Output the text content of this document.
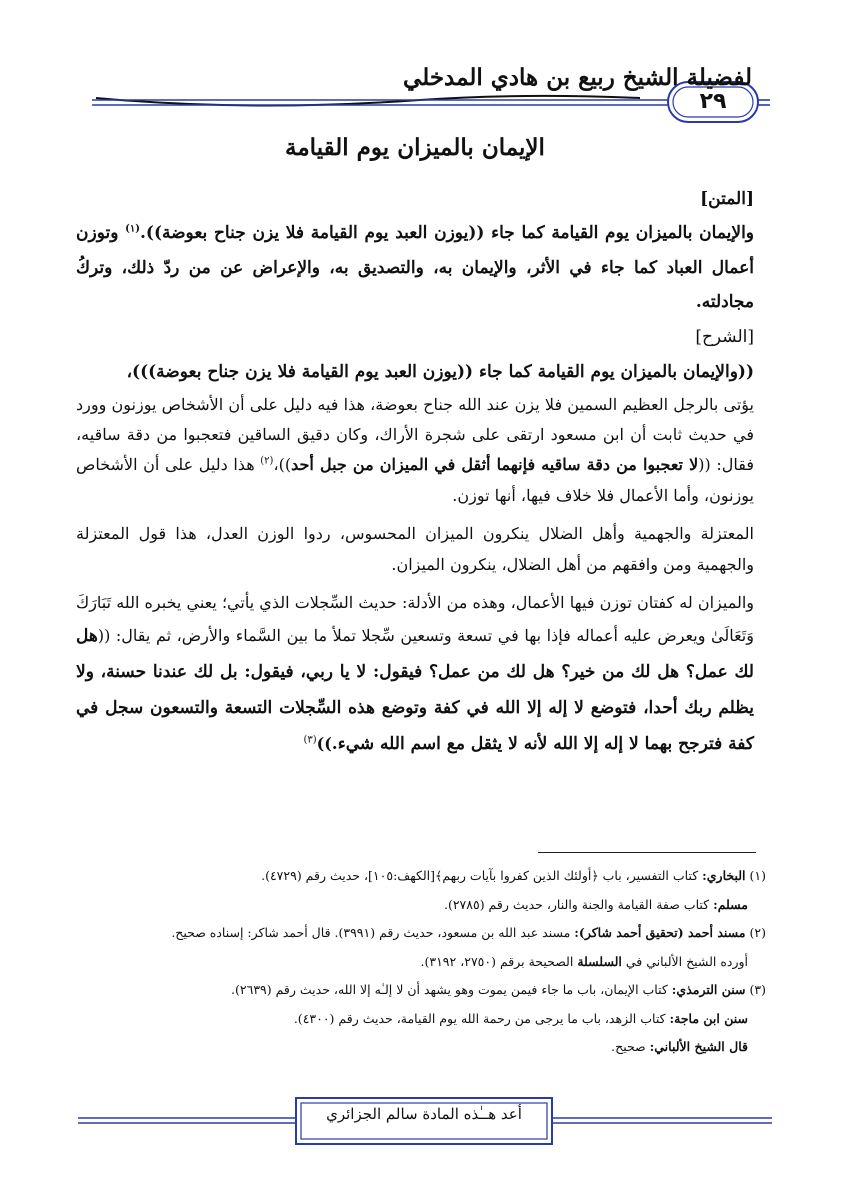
لفضيلة الشيخ ربيع بن هادي المدخلي
٢٩
الإيمان بالميزان يوم القيامة

[المتن]

والإيمان بالميزان يوم القيامة كما جاء ((يوزن العبد يوم القيامة فلا يزن جناح بعوضة)).$^{(١)}$ وتوزن أعمال العباد كما جاء في الأثر، والإيمان به، والتصديق به، والإعراض عن من ردّ ذلك، وتركُ مجادلته.

[الشرح]

((والإيمان بالميزان يوم القيامة كما جاء ((يوزن العبد يوم القيامة فلا يزن جناح بعوضة)))،

يؤتى بالرجل العظيم السمين فلا يزن عند الله جناح بعوضة، هذا فيه دليل على أن الأشخاص يوزنون وورد في حديث ثابت أن ابن مسعود ارتقى على شجرة الأراك، وكان دقيق الساقين فتعجبوا من دقة ساقيه، فقال: ((لا تعجبوا من دقة ساقيه فإنهما أثقل في الميزان من جبل أحد))،$^{(٢)}$ هذا دليل على أن الأشخاص يوزنون، وأما الأعمال فلا خلاف فيها، أنها توزن.

المعتزلة والجهمية وأهل الضلال ينكرون الميزان المحسوس، ردوا الوزن العدل، هذا قول المعتزلة والجهمية ومن وافقهم من أهل الضلال، ينكرون الميزان.

والميزان له كفتان توزن فيها الأعمال، وهذه من الأدلة: حديث السِّجلات الذي يأتي؛ يعني يخبره الله تَبَارَكَ وَتَعَالَىٰ ويعرض عليه أعماله فإذا بها في تسعة وتسعين سِّجلا تملأ ما بين السَّماء والأرض، ثم يقال: ((هل لك عمل؟ هل لك من خير؟ هل لك من عمل؟ فيقول: لا يا ربي، فيقول: بل لك عندنا حسنة، ولا يظلم ربك أحدا، فتوضع لا إله إلا الله في كفة وتوضع هذه السِّجلات التسعة والتسعون سجل في كفة فترجح بهما لا إله إلا الله لأنه لا يثقل مع اسم الله شيء.))$^{(٣)}$

(١) البخاري: كتاب التفسير، باب ﴿أولئك الذين كفروا بآيات ربهم﴾[الكهف:١٠٥]، حديث رقم (٤٧٢٩).

مسلم: كتاب صفة القيامة والجنة والنار، حديث رقم (٢٧٨٥).

(٢) مسند أحمد (تحقيق أحمد شاكر): مسند عبد الله بن مسعود، حديث رقم (٣٩٩١). قال أحمد شاكر: إسناده صحيح.

أورده الشيخ الألباني في السلسلة الصحيحة برقم (٢٧٥٠، ٣١٩٢).

(٣) سنن الترمذي: كتاب الإيمان، باب ما جاء فيمن يموت وهو يشهد أن لا إلـٰه إلا الله، حديث رقم (٢٦٣٩).

سنن ابن ماجة: كتاب الزهد، باب ما يرجى من رحمة الله يوم القيامة، حديث رقم (٤٣٠٠).

قال الشيخ الألباني: صحيح.

أعد هــٰذه المادة سالم الجزائري
